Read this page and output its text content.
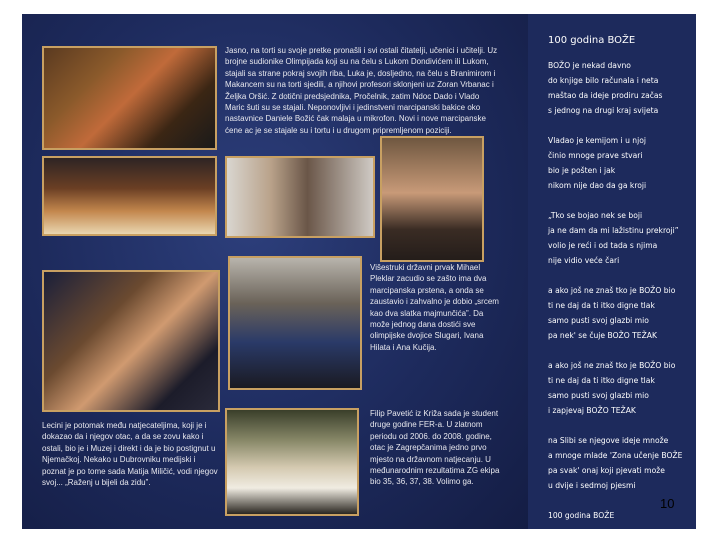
Jasno, na torti su svoje pretke pronašli i svi ostali čitatelji, učenici i učitelji. Uz brojne sudionike Olimpijada koji su na čelu s Lukom Dondivićem ili Lukom, stajali sa strane pokraj svojih riba, Luka je, dosljedno, na čelu s Branimirom i Makancem su na torti sjedili, a njihovi profesori sklonjeni uz Zoran Vrbanac i Željka Oršić. Z dotični predsjednika, Pročelnik, zatim Ndoc Dado i Vlado Maric šuti su se stajali. Neponovljivi i jedinstveni marcipanski bakice oko nastavnice Daniele Božić čak malaja u mikrofon. Novi i nove marcipanske ćene ac je se stajale su i tortu i u drugom pripremljenom poziciji.
Višestruki državni prvak Mihael Pleklar zacudio se zašto ima dva marcipanska prstena, a onda se zaustavio i zahvalno je dobio „srcem kao dva slatka majmunčića”. Da može jednog dana dostići sve olimpijske dvojice Slugari, Ivana Hilata i Ana Kučija.
Lecini je potomak među natjecateljima, koji je i dokazao da i njegov otac, a da se zovu kako i ostali, bio je i Muzej i direkt i da je bio postignut u Njemačkoj. Nekako u Dubrovniku medijski i poznat je po tome sada Matija Miličić, vodi njegov svoj... „Raženj u bijeli da zidu”.
Filip Pavetić iz Križa sada je student druge godine FER-a. U zlatnom periodu od 2006. do 2008. godine, otac je Zagrepčanima jedno prvo mjesto na državnom natjecanju. U međunarodnim rezultatima ZG ekipa bio 35, 36, 37, 38. Volimo ga.
100 godina BOŽE
BOŽO je nekad davno
do knjige bilo računala i neta
maštao da ideje prodiru začas
s jednog na drugi kraj svijeta

Vladao je kemijom i u njoj
činio mnoge prave stvari
bio je pošten i jak
nikom nije dao da ga kroji

„Tko se bojao nek se boji
ja ne dam da mi lažistinu prekroji”
volio je reći i od tada s njima
nije vidio veće čari

a ako još ne znaš tko je BOŽO bio
ti ne daj da ti itko digne tlak
samo pusti svoj glazbi mio
pa nek' se čuje BOŽO TEŽAK

a ako još ne znaš tko je BOŽO bio
ti ne daj da ti itko digne tlak
samo pusti svoj glazbi mio
i zapjevaj BOŽO TEŽAK

na Slibi se njegove ideje množe
a mnoge mlade 'Zona učenje BOŽE
pa svak' onaj koji pjevati može
u dvije i sedmoj pjesmi

100 godina BOŽE
10
